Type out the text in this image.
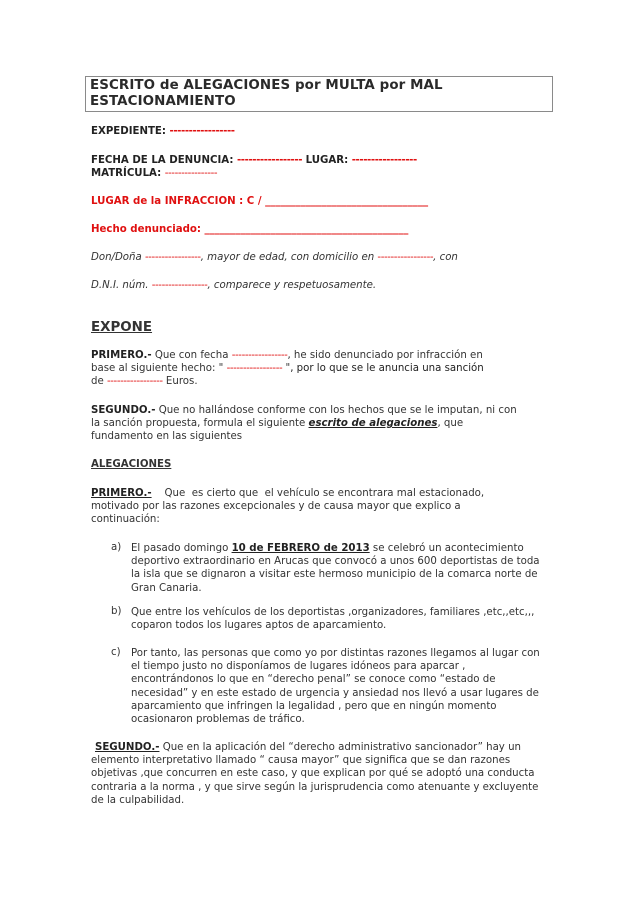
ESCRITO de ALEGACIONES por MULTA por MAL
ESTACIONAMIENTO
EXPEDIENTE: -----------------
FECHA DE LA DENUNCIA: ----------------- LUGAR: -----------------
MATRÍCULA: ----------------
LUGAR de la INFRACCION : C / ________________________________
Hecho denunciado: ________________________________________
Don/Doña -----------------, mayor de edad, con domicilio en -----------------, con
D.N.I. núm. -----------------, comparece y respetuosamente.
EXPONE
PRIMERO.- Que con fecha -----------------, he sido denunciado por infracción en
base al siguiente hecho: " ----------------- ", por lo que se le anuncia una sanción
de ----------------- Euros.
SEGUNDO.- Que no hallándose conforme con los hechos que se le imputan, ni con
la sanción propuesta, formula el siguiente escrito de alegaciones, que
fundamento en las siguientes
ALEGACIONES
PRIMERO.-    Que  es cierto que  el vehículo se encontrara mal estacionado,
motivado por las razones excepcionales y de causa mayor que explico a
continuación:
a) El pasado domingo 10 de FEBRERO de 2013 se celebró un acontecimiento deportivo extraordinario en Arucas que convocó a unos 600 deportistas de toda la isla que se dignaron a visitar este hermoso municipio de la comarca norte de Gran Canaria.
b) Que entre los vehículos de los deportistas ,organizadores, familiares ,etc,,etc,,, coparon todos los lugares aptos de aparcamiento.
c) Por tanto, las personas que como yo por distintas razones llegamos al lugar con el tiempo justo no disponíamos de lugares idóneos para aparcar , encontrándonos lo que en “derecho penal” se conoce como “estado de necesidad” y en este estado de urgencia y ansiedad nos llevó a usar lugares de aparcamiento que infringen la legalidad , pero que en ningún momento ocasionaron problemas de tráfico.
SEGUNDO.- Que en la aplicación del “derecho administrativo sancionador” hay un elemento interpretativo llamado “ causa mayor” que significa que se dan razones objetivas ,que concurren en este caso, y que explican por qué se adoptó una conducta contraria a la norma , y que sirve según la jurisprudencia como atenuante y excluyente de la culpabilidad.
